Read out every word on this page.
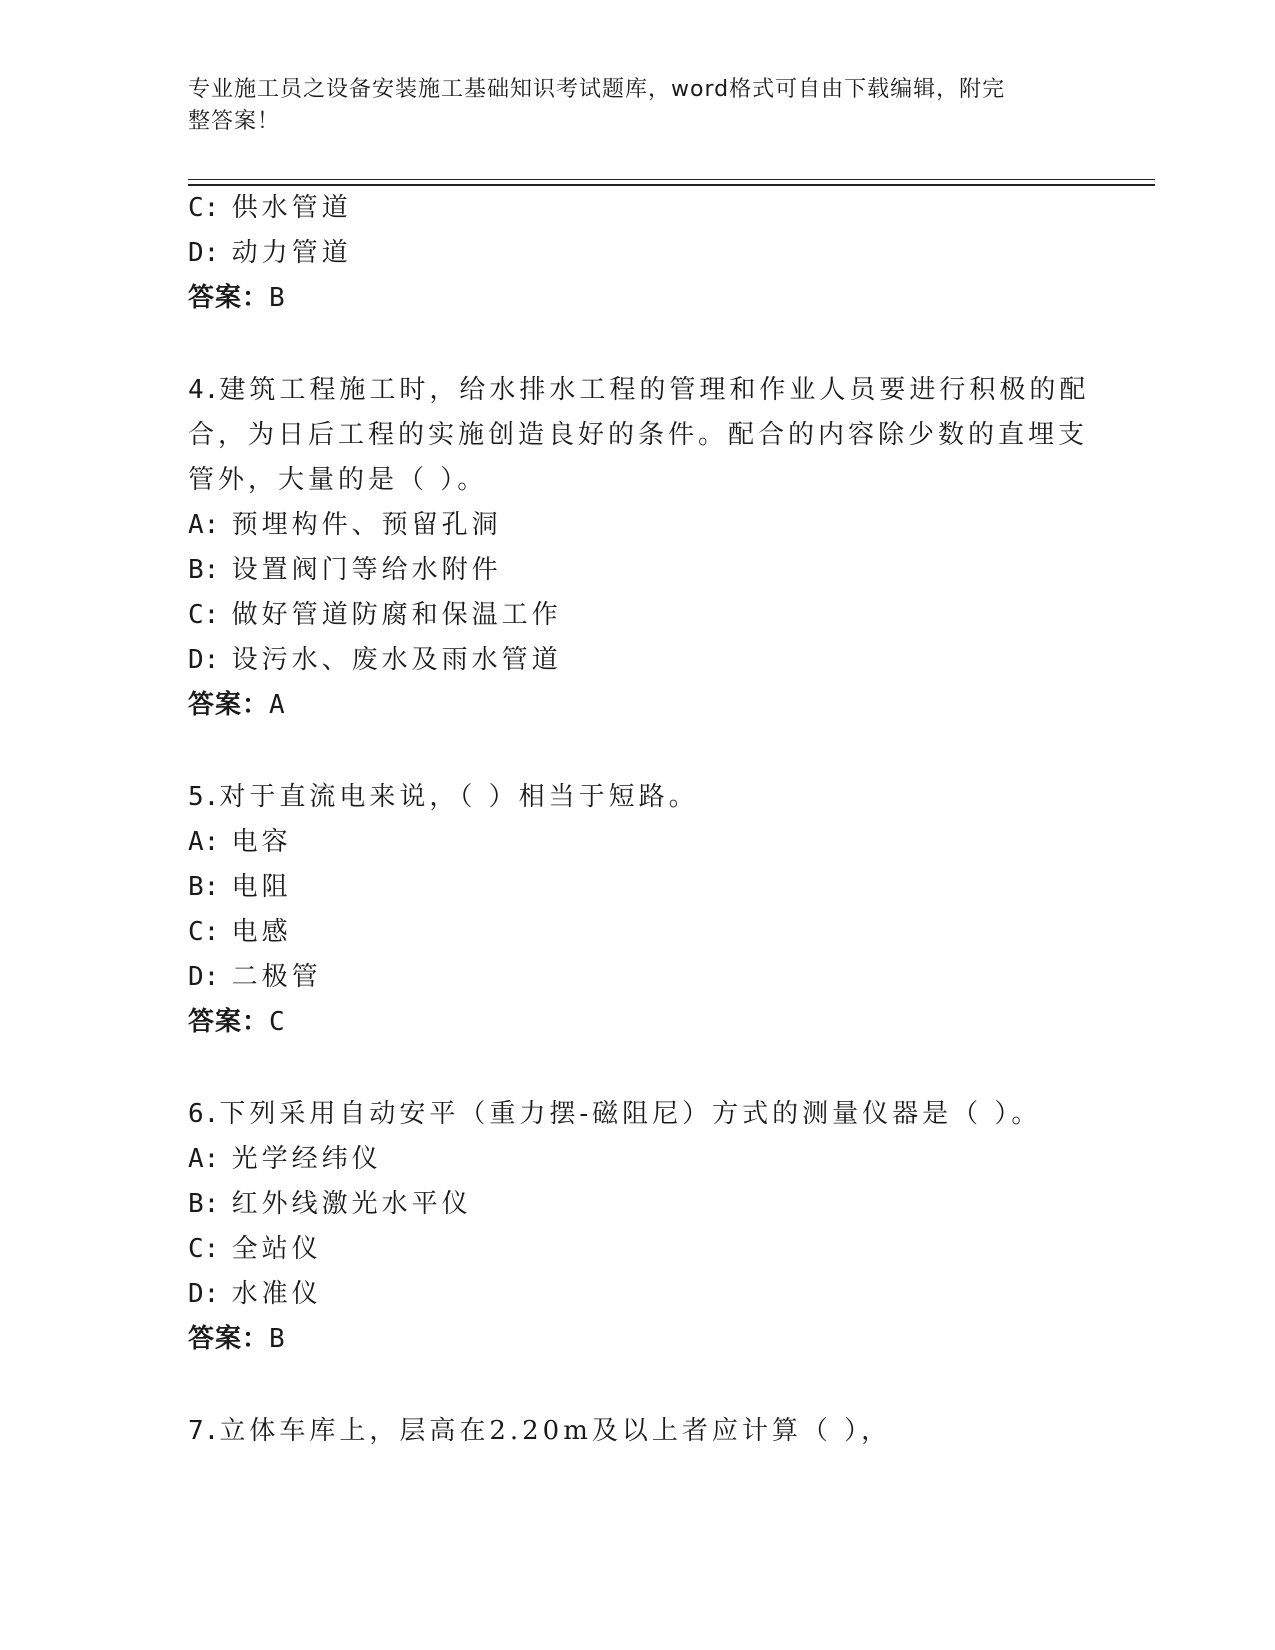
专业施工员之设备安装施工基础知识考试题库，word格式可自由下载编辑，附完
整答案！
C: 供水管道
D: 动力管道
答案：B
4.建筑工程施工时，给水排水工程的管理和作业人员要进行积极的配
合，为日后工程的实施创造良好的条件。配合的内容除少数的直埋支
管外，大量的是（ ）。
A: 预埋构件、预留孔洞
B: 设置阀门等给水附件
C: 做好管道防腐和保温工作
D: 设污水、废水及雨水管道
答案：A
5.对于直流电来说，（ ）相当于短路。
A: 电容
B: 电阻
C: 电感
D: 二极管
答案：C
6.下列采用自动安平（重力摆-磁阻尼）方式的测量仪器是（ ）。
A: 光学经纬仪
B: 红外线激光水平仪
C: 全站仪
D: 水准仪
答案：B
7.立体车库上，层高在2.20m及以上者应计算（ ），
